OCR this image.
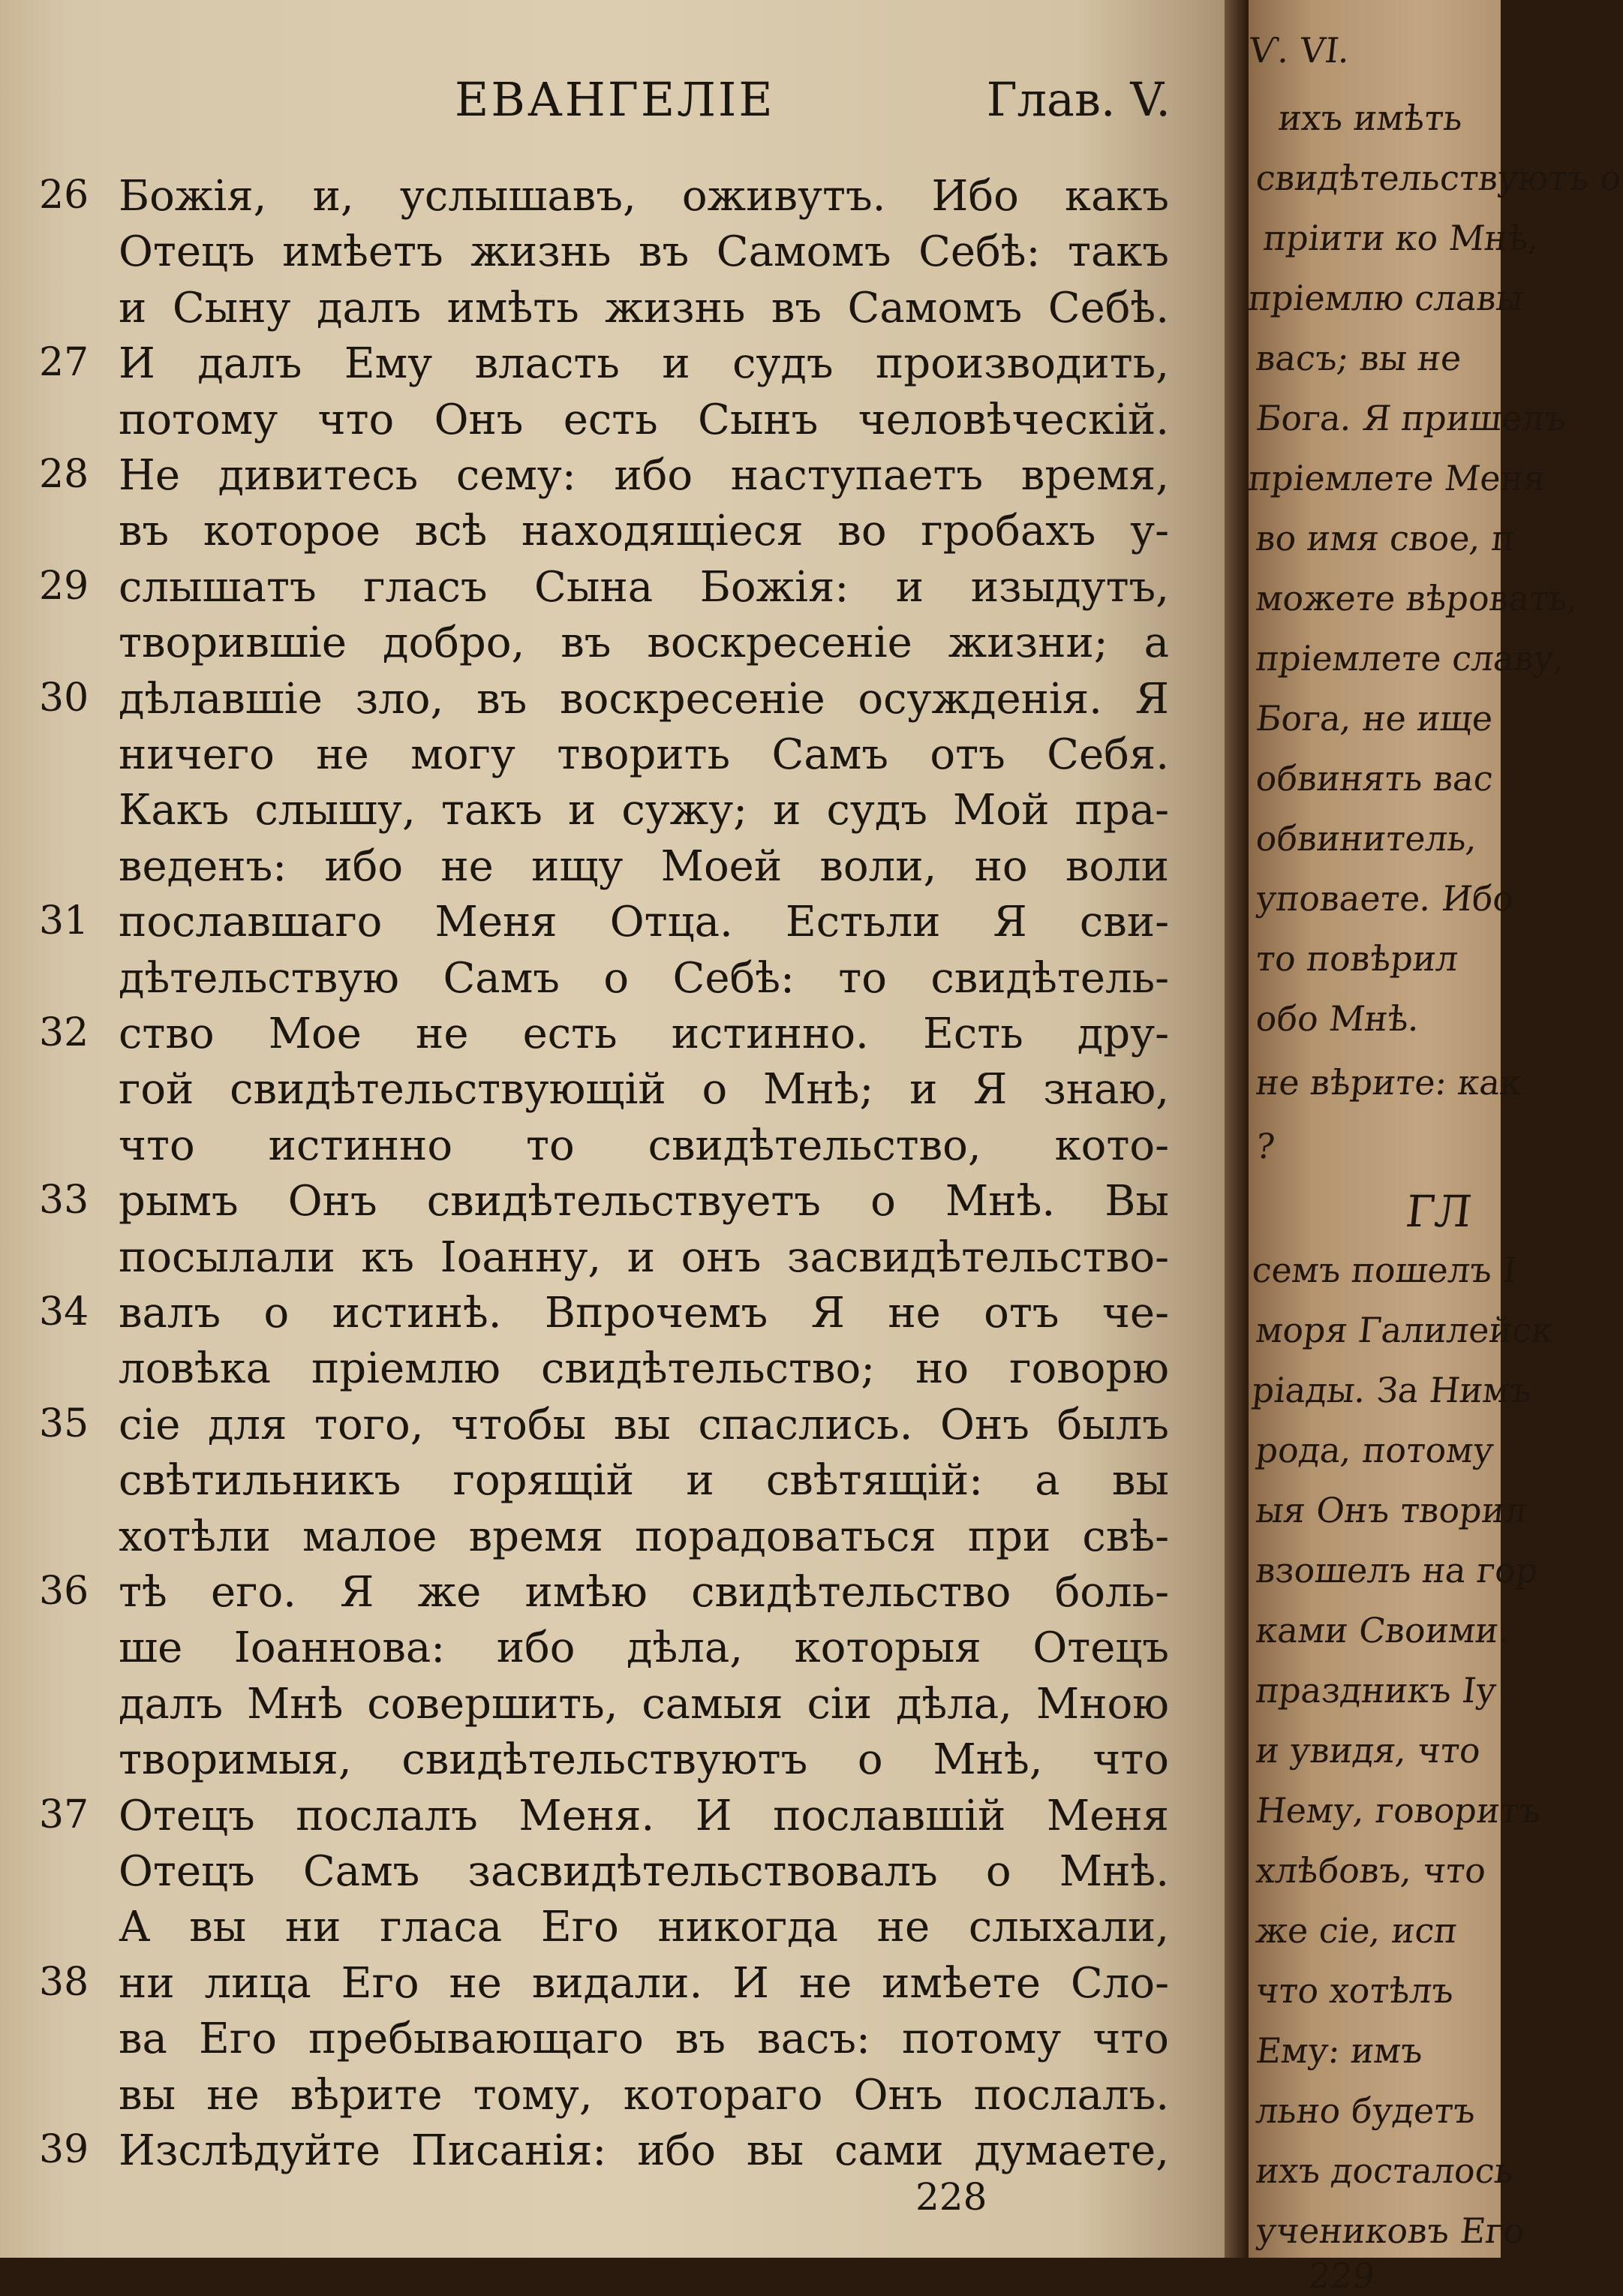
ЕВАНГЕЛІЕ	Глав. V.
26
27
28
29
30
31
32
33
34
35
36
37
38
39
Божія, и, услышавъ, оживутъ. Ибо какъ
Отецъ имѣетъ жизнь въ Самомъ Себѣ: такъ
и Сыну далъ имѣть жизнь въ Самомъ Себѣ.
И далъ Ему власть и судъ производить,
потому что Онъ есть Сынъ человѣческій.
Не дивитесь сему: ибо наступаетъ время,
въ которое всѣ находящіеся во гробахъ у-
слышатъ гласъ Сына Божія: и изыдутъ,
творившіе добро, въ воскресеніе жизни; а
дѣлавшіе зло, въ воскресеніе осужденія. Я
ничего не могу творить Самъ отъ Себя.
Какъ слышу, такъ и сужу; и судъ Мой пра-
веденъ: ибо не ищу Моей воли, но воли
пославшаго Меня Отца. Естьли Я сви-
дѣтельствую Самъ о Себѣ: то свидѣтель-
ство Мое не есть истинно. Есть дру-
гой свидѣтельствующій о Мнѣ; и Я знаю,
что истинно то свидѣтельство, кото-
рымъ Онъ свидѣтельствуетъ о Мнѣ. Вы
посылали къ Іоанну, и онъ засвидѣтельство-
валъ о истинѣ. Впрочемъ Я не отъ че-
ловѣка пріемлю свидѣтельство; но говорю
сіе для того, чтобы вы спаслись. Онъ былъ
свѣтильникъ горящій и свѣтящій: а вы
хотѣли малое время порадоваться при свѣ-
тѣ его. Я же имѣю свидѣтельство боль-
ше Іоаннова: ибо дѣла, которыя Отецъ
далъ Мнѣ совершить, самыя сіи дѣла, Мною
творимыя, свидѣтельствуютъ о Мнѣ, что
Отецъ послалъ Меня. И пославшій Меня
Отецъ Самъ засвидѣтельствовалъ о Мнѣ.
А вы ни гласа Его никогда не слыхали,
ни лица Его не видали. И не имѣете Сло-
ва Его пребывающаго въ васъ: потому что
вы не вѣрите тому, котораго Онъ послалъ.
Изслѣдуйте Писанія: ибо вы сами думаете,
228
Ѵ. VI.
ихъ имѣть
свидѣтельствуютъ о
пріити ко Мнѣ,
пріемлю славы
васъ; вы не
Бога. Я пришелъ
пріемлете Меня
во имя свое, п
можете вѣровать,
пріемлете славу,
Бога, не ище
обвинять вас
обвинитель,
уповаете. Ибо
то повѣрил
обо Мнѣ.
не вѣрите: как
?
ГЛ
семъ пошелъ І
моря Галилейск
ріады. За Нимъ
рода, потому
ыя Онъ творил
взошелъ на гор
ками Своими.
праздникъ Іу
и увидя, что
Нему, говоритъ
хлѣбовъ, что
же сіе, исп
что хотѣлъ
Ему: имъ
льно будетъ
ихъ досталось
учениковъ Его
229
